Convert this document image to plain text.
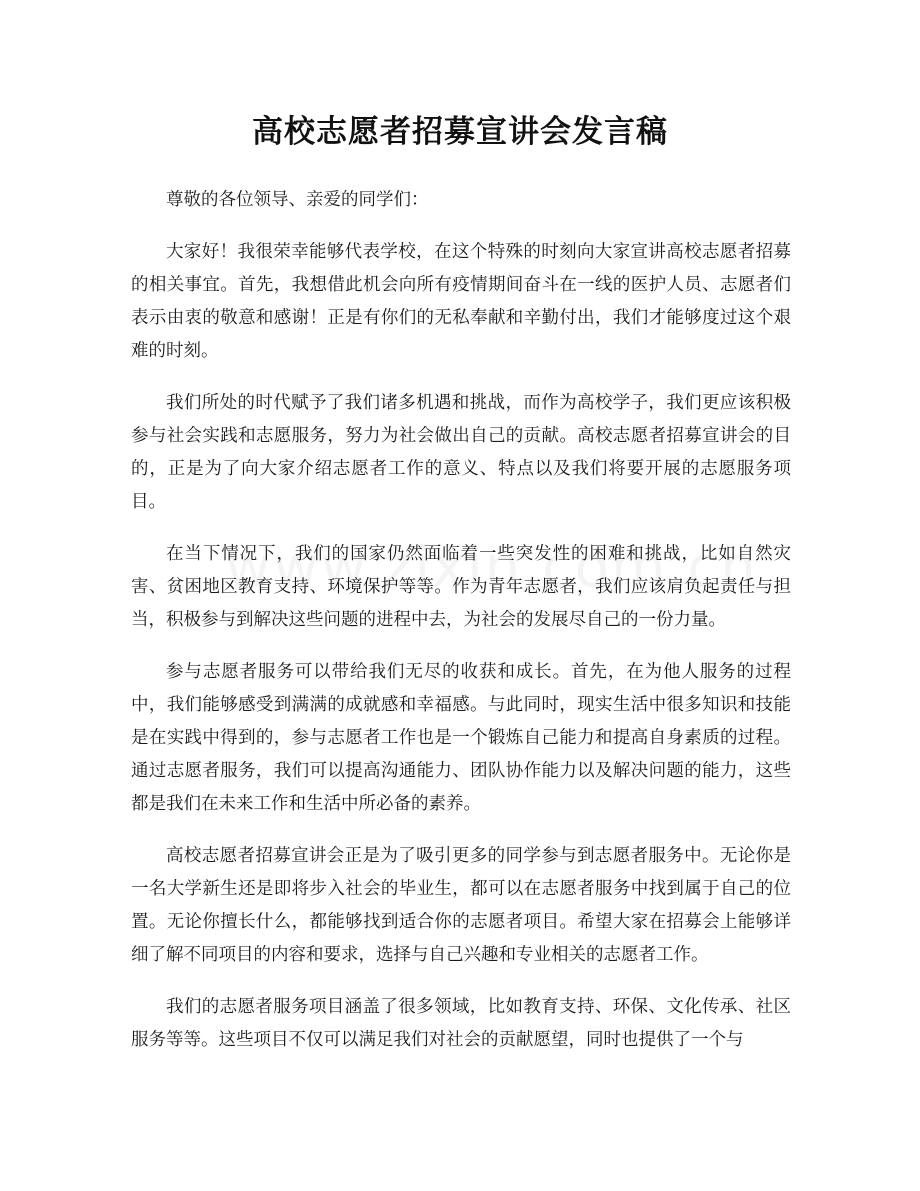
高校志愿者招募宣讲会发言稿

尊敬的各位领导、亲爱的同学们：

大家好！我很荣幸能够代表学校，在这个特殊的时刻向大家宣讲高校志愿者招募的相关事宜。首先，我想借此机会向所有疫情期间奋斗在一线的医护人员、志愿者们表示由衷的敬意和感谢！正是有你们的无私奉献和辛勤付出，我们才能够度过这个艰难的时刻。

我们所处的时代赋予了我们诸多机遇和挑战，而作为高校学子，我们更应该积极参与社会实践和志愿服务，努力为社会做出自己的贡献。高校志愿者招募宣讲会的目的，正是为了向大家介绍志愿者工作的意义、特点以及我们将要开展的志愿服务项目。

在当下情况下，我们的国家仍然面临着一些突发性的困难和挑战，比如自然灾害、贫困地区教育支持、环境保护等等。作为青年志愿者，我们应该肩负起责任与担当，积极参与到解决这些问题的进程中去，为社会的发展尽自己的一份力量。

参与志愿者服务可以带给我们无尽的收获和成长。首先，在为他人服务的过程中，我们能够感受到满满的成就感和幸福感。与此同时，现实生活中很多知识和技能是在实践中得到的，参与志愿者工作也是一个锻炼自己能力和提高自身素质的过程。通过志愿者服务，我们可以提高沟通能力、团队协作能力以及解决问题的能力，这些都是我们在未来工作和生活中所必备的素养。

高校志愿者招募宣讲会正是为了吸引更多的同学参与到志愿者服务中。无论你是一名大学新生还是即将步入社会的毕业生，都可以在志愿者服务中找到属于自己的位置。无论你擅长什么，都能够找到适合你的志愿者项目。希望大家在招募会上能够详细了解不同项目的内容和要求，选择与自己兴趣和专业相关的志愿者工作。

我们的志愿者服务项目涵盖了很多领域，比如教育支持、环保、文化传承、社区服务等等。这些项目不仅可以满足我们对社会的贡献愿望，同时也提供了一个与
